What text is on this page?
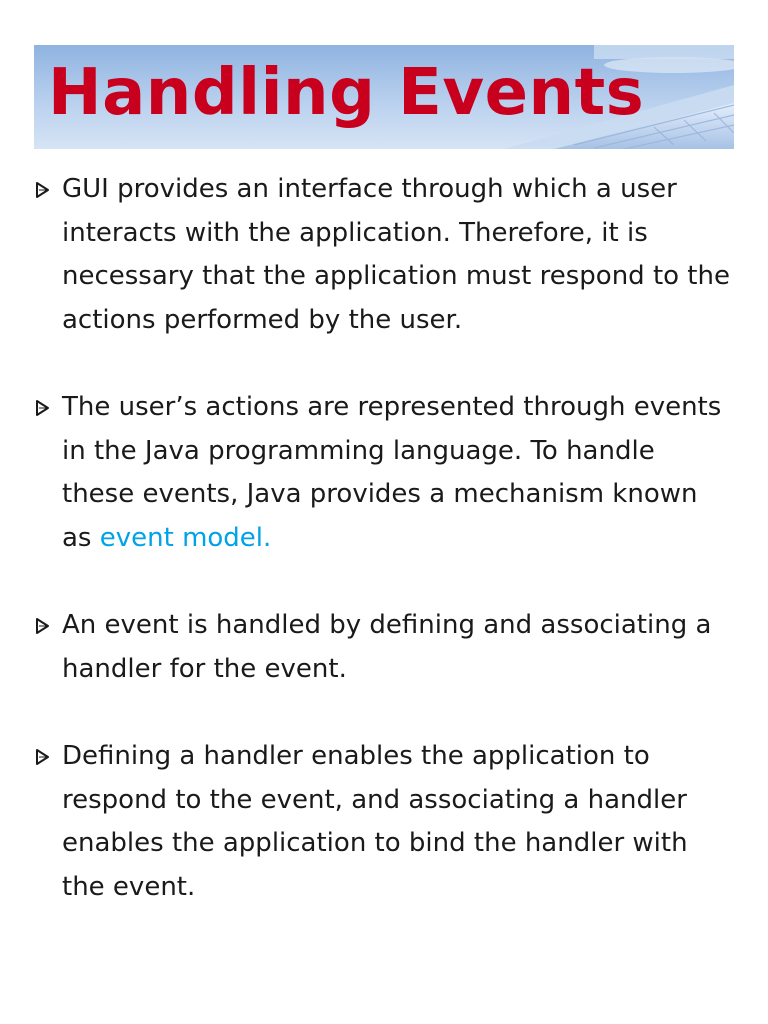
Handling Events
GUI provides an interface through which a user interacts with the application. Therefore, it is necessary that the application must respond to the actions performed by the user.
The user’s actions are represented through events in the Java programming language. To handle these events, Java provides a mechanism known as event model.
An event is handled by defining and associating a handler for the event.
Defining a handler enables the application to respond to the event, and associating a handler enables the application to bind the handler with the event.
